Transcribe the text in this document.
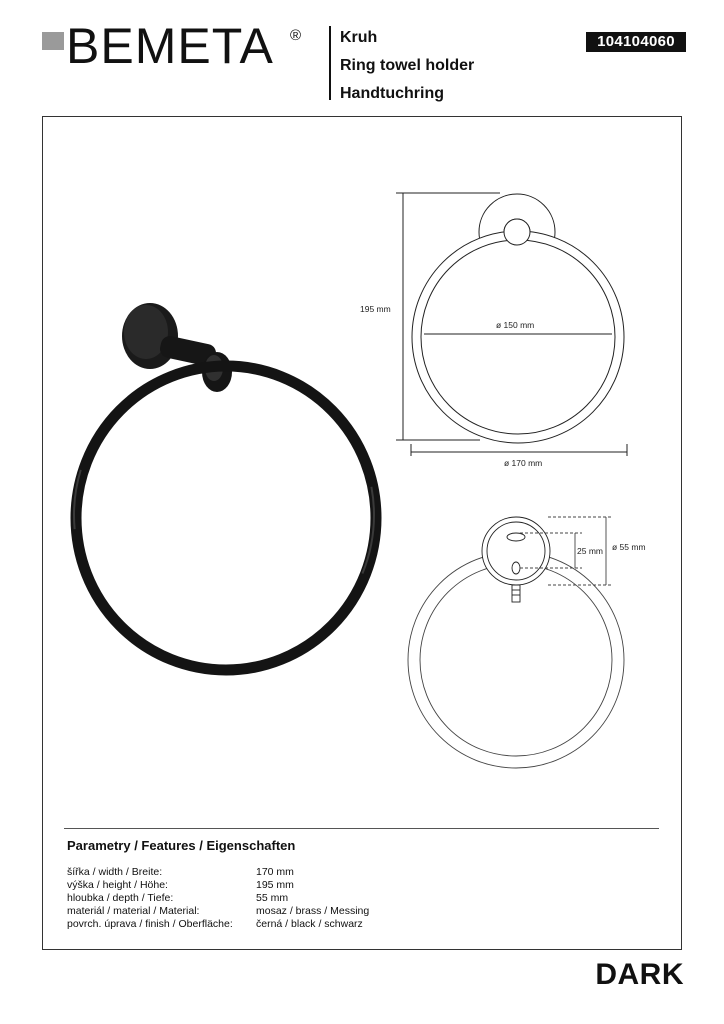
BEMETA ® Kruh
Ring towel holder
Handtuchring
104104060
195 mm
ø 150 mm
ø 170 mm
25 mm ø 55 mm
Parametry / Features / Eigenschaften
šířka / width / Breite:	170 mm
výška / height / Höhe:	195 mm
hloubka / depth / Tiefe:	55 mm
materiál / material / Material:	mosaz / brass / Messing
povrch. úprava / finish / Oberfläche: černá / black / schwarz
DARK
